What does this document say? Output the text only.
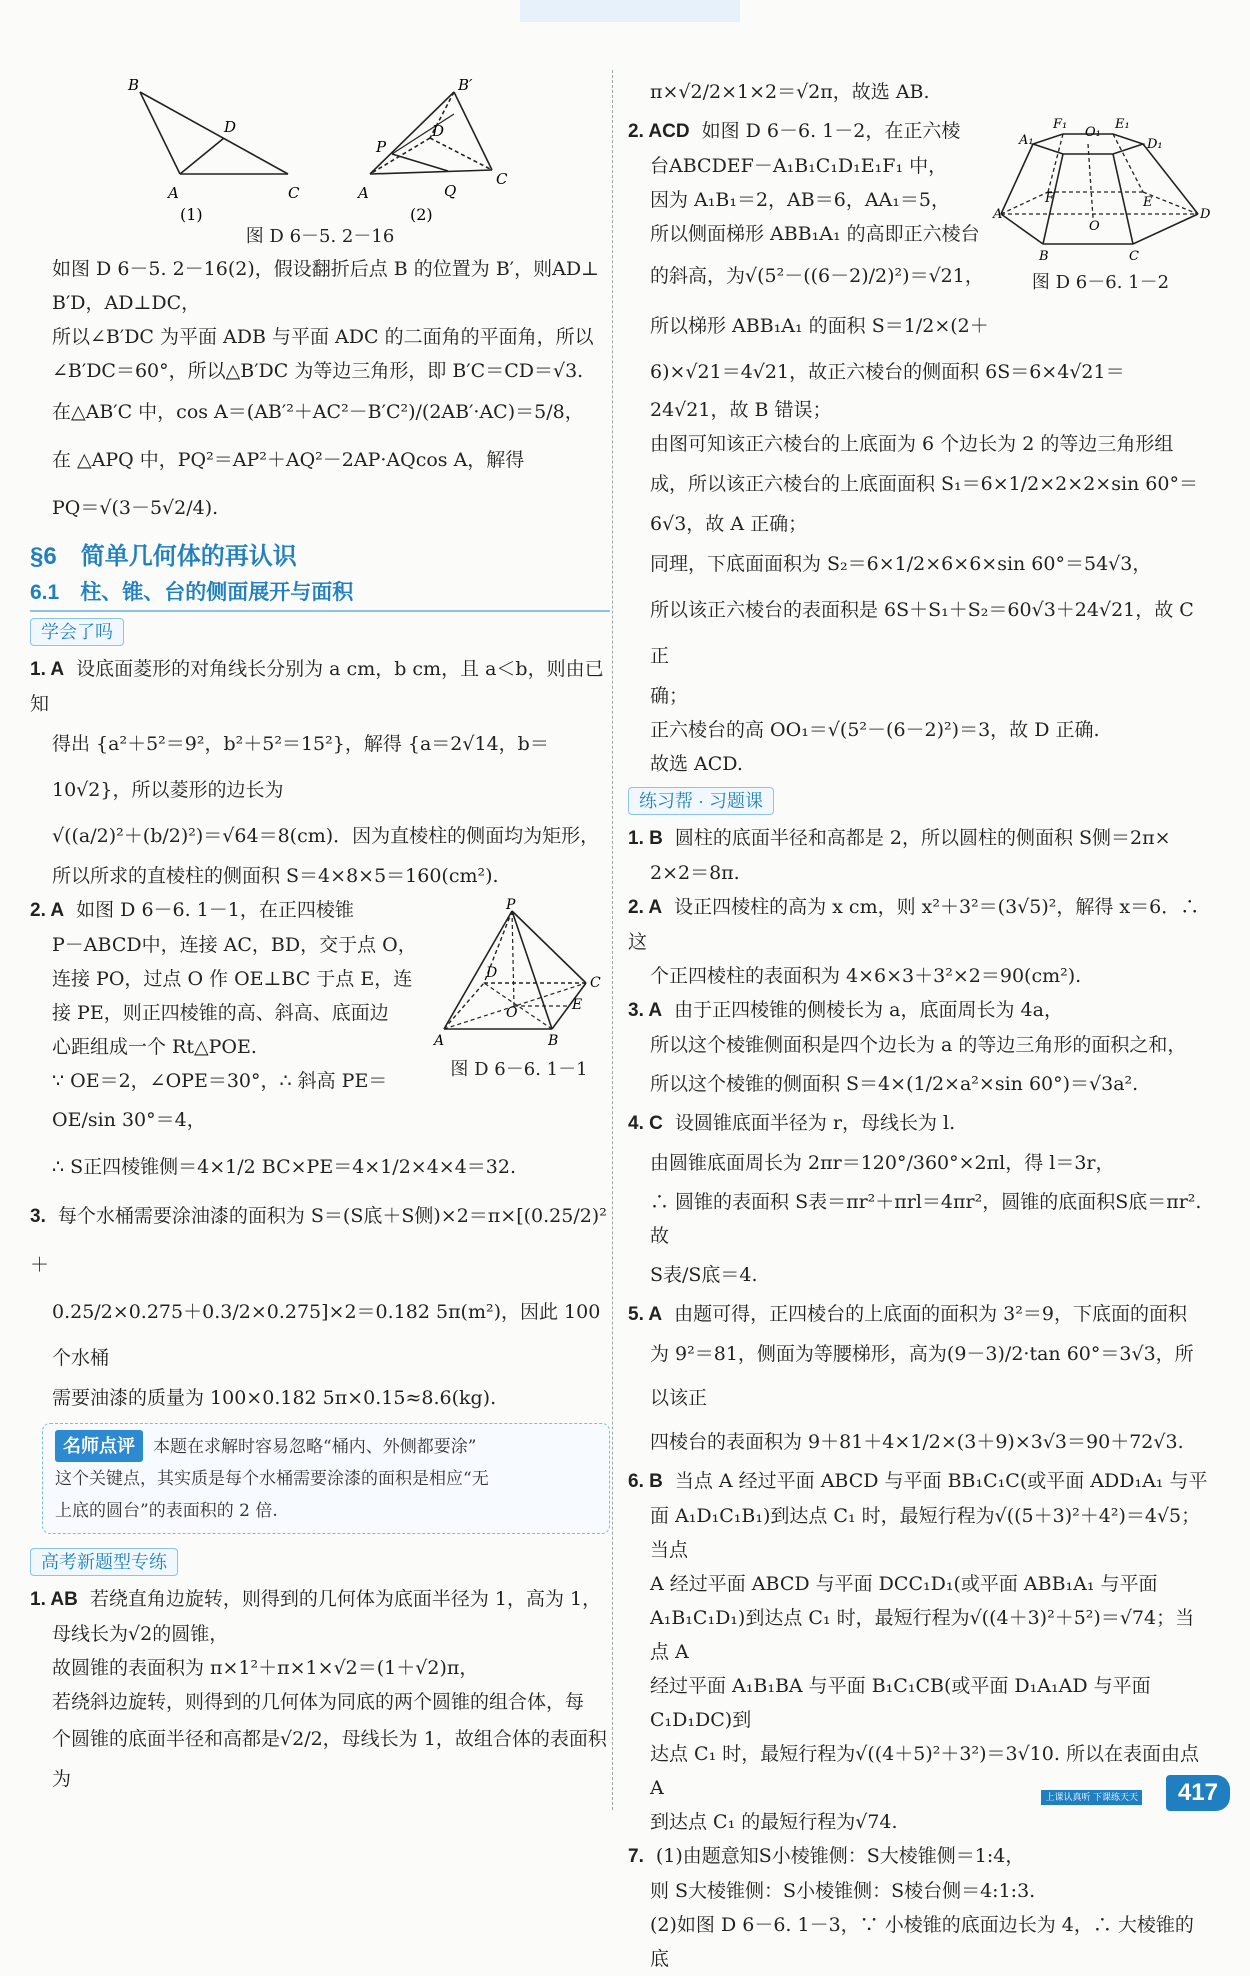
B
D
A	C
(1)
B′
D
P
A	Q
C
(2)
图 D 6－5. 2－16

如图 D 6－5. 2－16(2)，假设翻折后点 B 的位置为 B′，则AD⊥

B′D，AD⊥DC，

所以∠B′DC 为平面 ADB 与平面 ADC 的二面角的平面角，所以

∠B′DC＝60°，所以△B′DC 为等边三角形，即 B′C＝CD＝√3.

在△AB′C 中，cos A＝(AB′²＋AC²－B′C²)/(2AB′·AC)＝5/8，

在 △APQ 中，PQ²＝AP²＋AQ²－2AP·AQcos A，解得

PQ＝√(3－5√2/4).

§6　简单几何体的再认识
6.1　柱、锥、台的侧面展开与面积
学会了吗

1. A 设底面菱形的对角线长分别为 a cm，b cm，且 a＜b，则由已知

得出 {a²＋5²＝9²，b²＋5²＝15²}，解得 {a＝2√14，b＝10√2}，所以菱形的边长为

√((a/2)²＋(b/2)²)＝√64＝8(cm)．因为直棱柱的侧面均为矩形，

所以所求的直棱柱的侧面积 S＝4×8×5＝160(cm²).

P
D
C
E
O
A	B
图 D 6－6. 1－1

2. A 如图 D 6－6. 1－1，在正四棱锥

P－ABCD中，连接 AC，BD，交于点 O，

连接 PO，过点 O 作 OE⊥BC 于点 E，连

接 PE，则正四棱锥的高、斜高、底面边

心距组成一个 Rt△POE.

∵ OE＝2，∠OPE＝30°，∴ 斜高 PE＝

OE/sin 30°＝4，

∴ S正四棱锥侧＝4×1/2 BC×PE＝4×1/2×4×4＝32.

3. 每个水桶需要涂油漆的面积为 S＝(S底＋S侧)×2＝π×[(0.25/2)²＋

0.25/2×0.275＋0.3/2×0.275]×2＝0.182 5π(m²)，因此 100 个水桶

需要油漆的质量为 100×0.182 5π×0.15≈8.6(kg).

名师点评 本题在求解时容易忽略“桶内、外侧都要涂”
这个关键点，其实质是每个水桶需要涂漆的面积是相应“无
上底的圆台”的表面积的 2 倍.
高考新题型专练

1. AB 若绕直角边旋转，则得到的几何体为底面半径为 1，高为 1，

母线长为√2的圆锥，

故圆锥的表面积为 π×1²＋π×1×√2＝(1＋√2)π，

若绕斜边旋转，则得到的几何体为同底的两个圆锥的组合体，每

个圆锥的底面半径和高都是√2/2，母线长为 1，故组合体的表面积为

π×√2/2×1×2＝√2π，故选 AB.

F₁
O₁
E₁
A₁	D₁
F	E
O
A	D
B	C
图 D 6－6. 1－2

2. ACD 如图 D 6－6. 1－2，在正六棱

台ABCDEF－A₁B₁C₁D₁E₁F₁ 中，

因为 A₁B₁＝2，AB＝6，AA₁＝5，

所以侧面梯形 ABB₁A₁ 的高即正六棱台

的斜高，为√(5²－((6－2)/2)²)＝√21，

所以梯形 ABB₁A₁ 的面积 S＝1/2×(2＋

6)×√21＝4√21，故正六棱台的侧面积 6S＝6×4√21＝

24√21，故 B 错误；

由图可知该正六棱台的上底面为 6 个边长为 2 的等边三角形组

成，所以该正六棱台的上底面面积 S₁＝6×1/2×2×2×sin 60°＝

6√3，故 A 正确；

同理，下底面面积为 S₂＝6×1/2×6×6×sin 60°＝54√3，

所以该正六棱台的表面积是 6S＋S₁＋S₂＝60√3＋24√21，故 C 正

确；

正六棱台的高 OO₁＝√(5²－(6－2)²)＝3，故 D 正确.

故选 ACD.

练习帮 · 习题课

1. B 圆柱的底面半径和高都是 2，所以圆柱的侧面积 S侧＝2π×

2×2＝8π.

2. A 设正四棱柱的高为 x cm，则 x²＋3²＝(3√5)²，解得 x＝6．∴ 这

个正四棱柱的表面积为 4×6×3＋3²×2＝90(cm²).

3. A 由于正四棱锥的侧棱长为 a，底面周长为 4a，

所以这个棱锥侧面积是四个边长为 a 的等边三角形的面积之和，

所以这个棱锥的侧面积 S＝4×(1/2×a²×sin 60°)＝√3a².

4. C 设圆锥底面半径为 r，母线长为 l.

由圆锥底面周长为 2πr＝120°/360°×2πl，得 l＝3r，

∴ 圆锥的表面积 S表＝πr²＋πrl＝4πr²，圆锥的底面积S底＝πr². 故

S表/S底＝4.

5. A 由题可得，正四棱台的上底面的面积为 3²＝9，下底面的面积

为 9²＝81，侧面为等腰梯形，高为(9－3)/2·tan 60°＝3√3，所以该正

四棱台的表面积为 9＋81＋4×1/2×(3＋9)×3√3＝90＋72√3.

6. B 当点 A 经过平面 ABCD 与平面 BB₁C₁C(或平面 ADD₁A₁ 与平

面 A₁D₁C₁B₁)到达点 C₁ 时，最短行程为√((5＋3)²＋4²)＝4√5；当点

A 经过平面 ABCD 与平面 DCC₁D₁(或平面 ABB₁A₁ 与平面

A₁B₁C₁D₁)到达点 C₁ 时，最短行程为√((4＋3)²＋5²)＝√74；当点 A

经过平面 A₁B₁BA 与平面 B₁C₁CB(或平面 D₁A₁AD 与平面 C₁D₁DC)到

达点 C₁ 时，最短行程为√((4＋5)²＋3²)＝3√10. 所以在表面由点 A

到达点 C₁ 的最短行程为√74.

7. (1)由题意知S小棱锥侧：S大棱锥侧＝1:4，

则 S大棱锥侧：S小棱锥侧：S棱台侧＝4:1:3.

(2)如图 D 6－6. 1－3，∵ 小棱锥的底面边长为 4，∴ 大棱锥的底

上课认真听 下课练天天	417
